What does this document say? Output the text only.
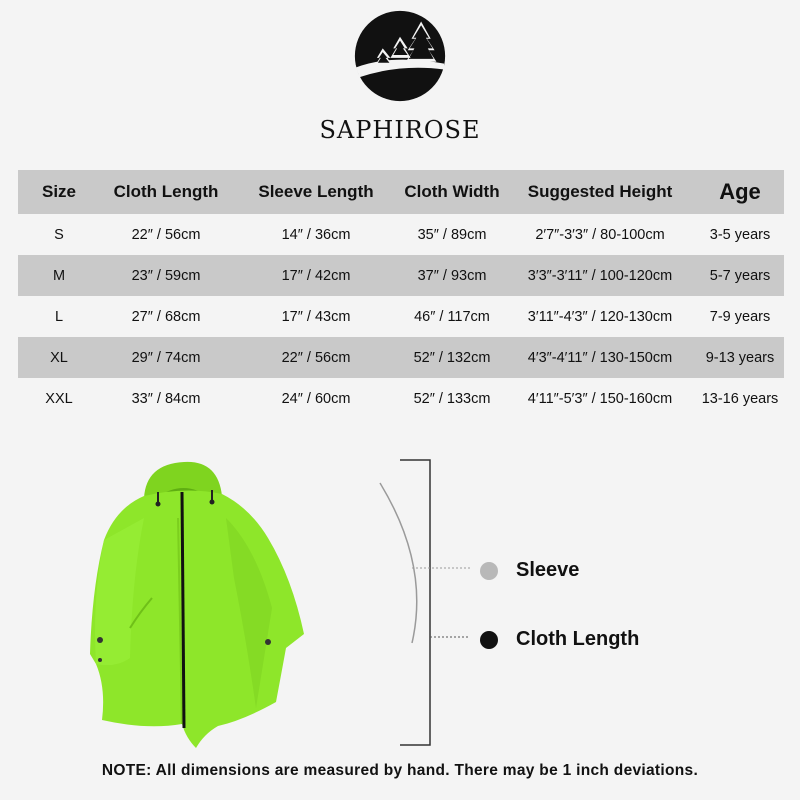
SAPHIROSE
Size	Cloth Length	Sleeve Length	Cloth Width	Suggested Height	Age
S	22″ / 56cm	14″ / 36cm	35″ / 89cm	2′7″-3′3″ / 80-100cm	3-5 years
M	23″ / 59cm	17″ / 42cm	37″ / 93cm	3′3″-3′11″ / 100-120cm	5-7 years
L	27″ / 68cm	17″ / 43cm	46″ / 117cm	3′11″-4′3″ / 120-130cm	7-9 years
XL	29″ / 74cm	22″ / 56cm	52″ / 132cm	4′3″-4′11″ / 130-150cm	9-13 years
XXL	33″ / 84cm	24″ / 60cm	52″ / 133cm	4′11″-5′3″ / 150-160cm	13-16 years
Sleeve
Cloth Length
NOTE: All dimensions are measured by hand. There may be 1 inch deviations.
